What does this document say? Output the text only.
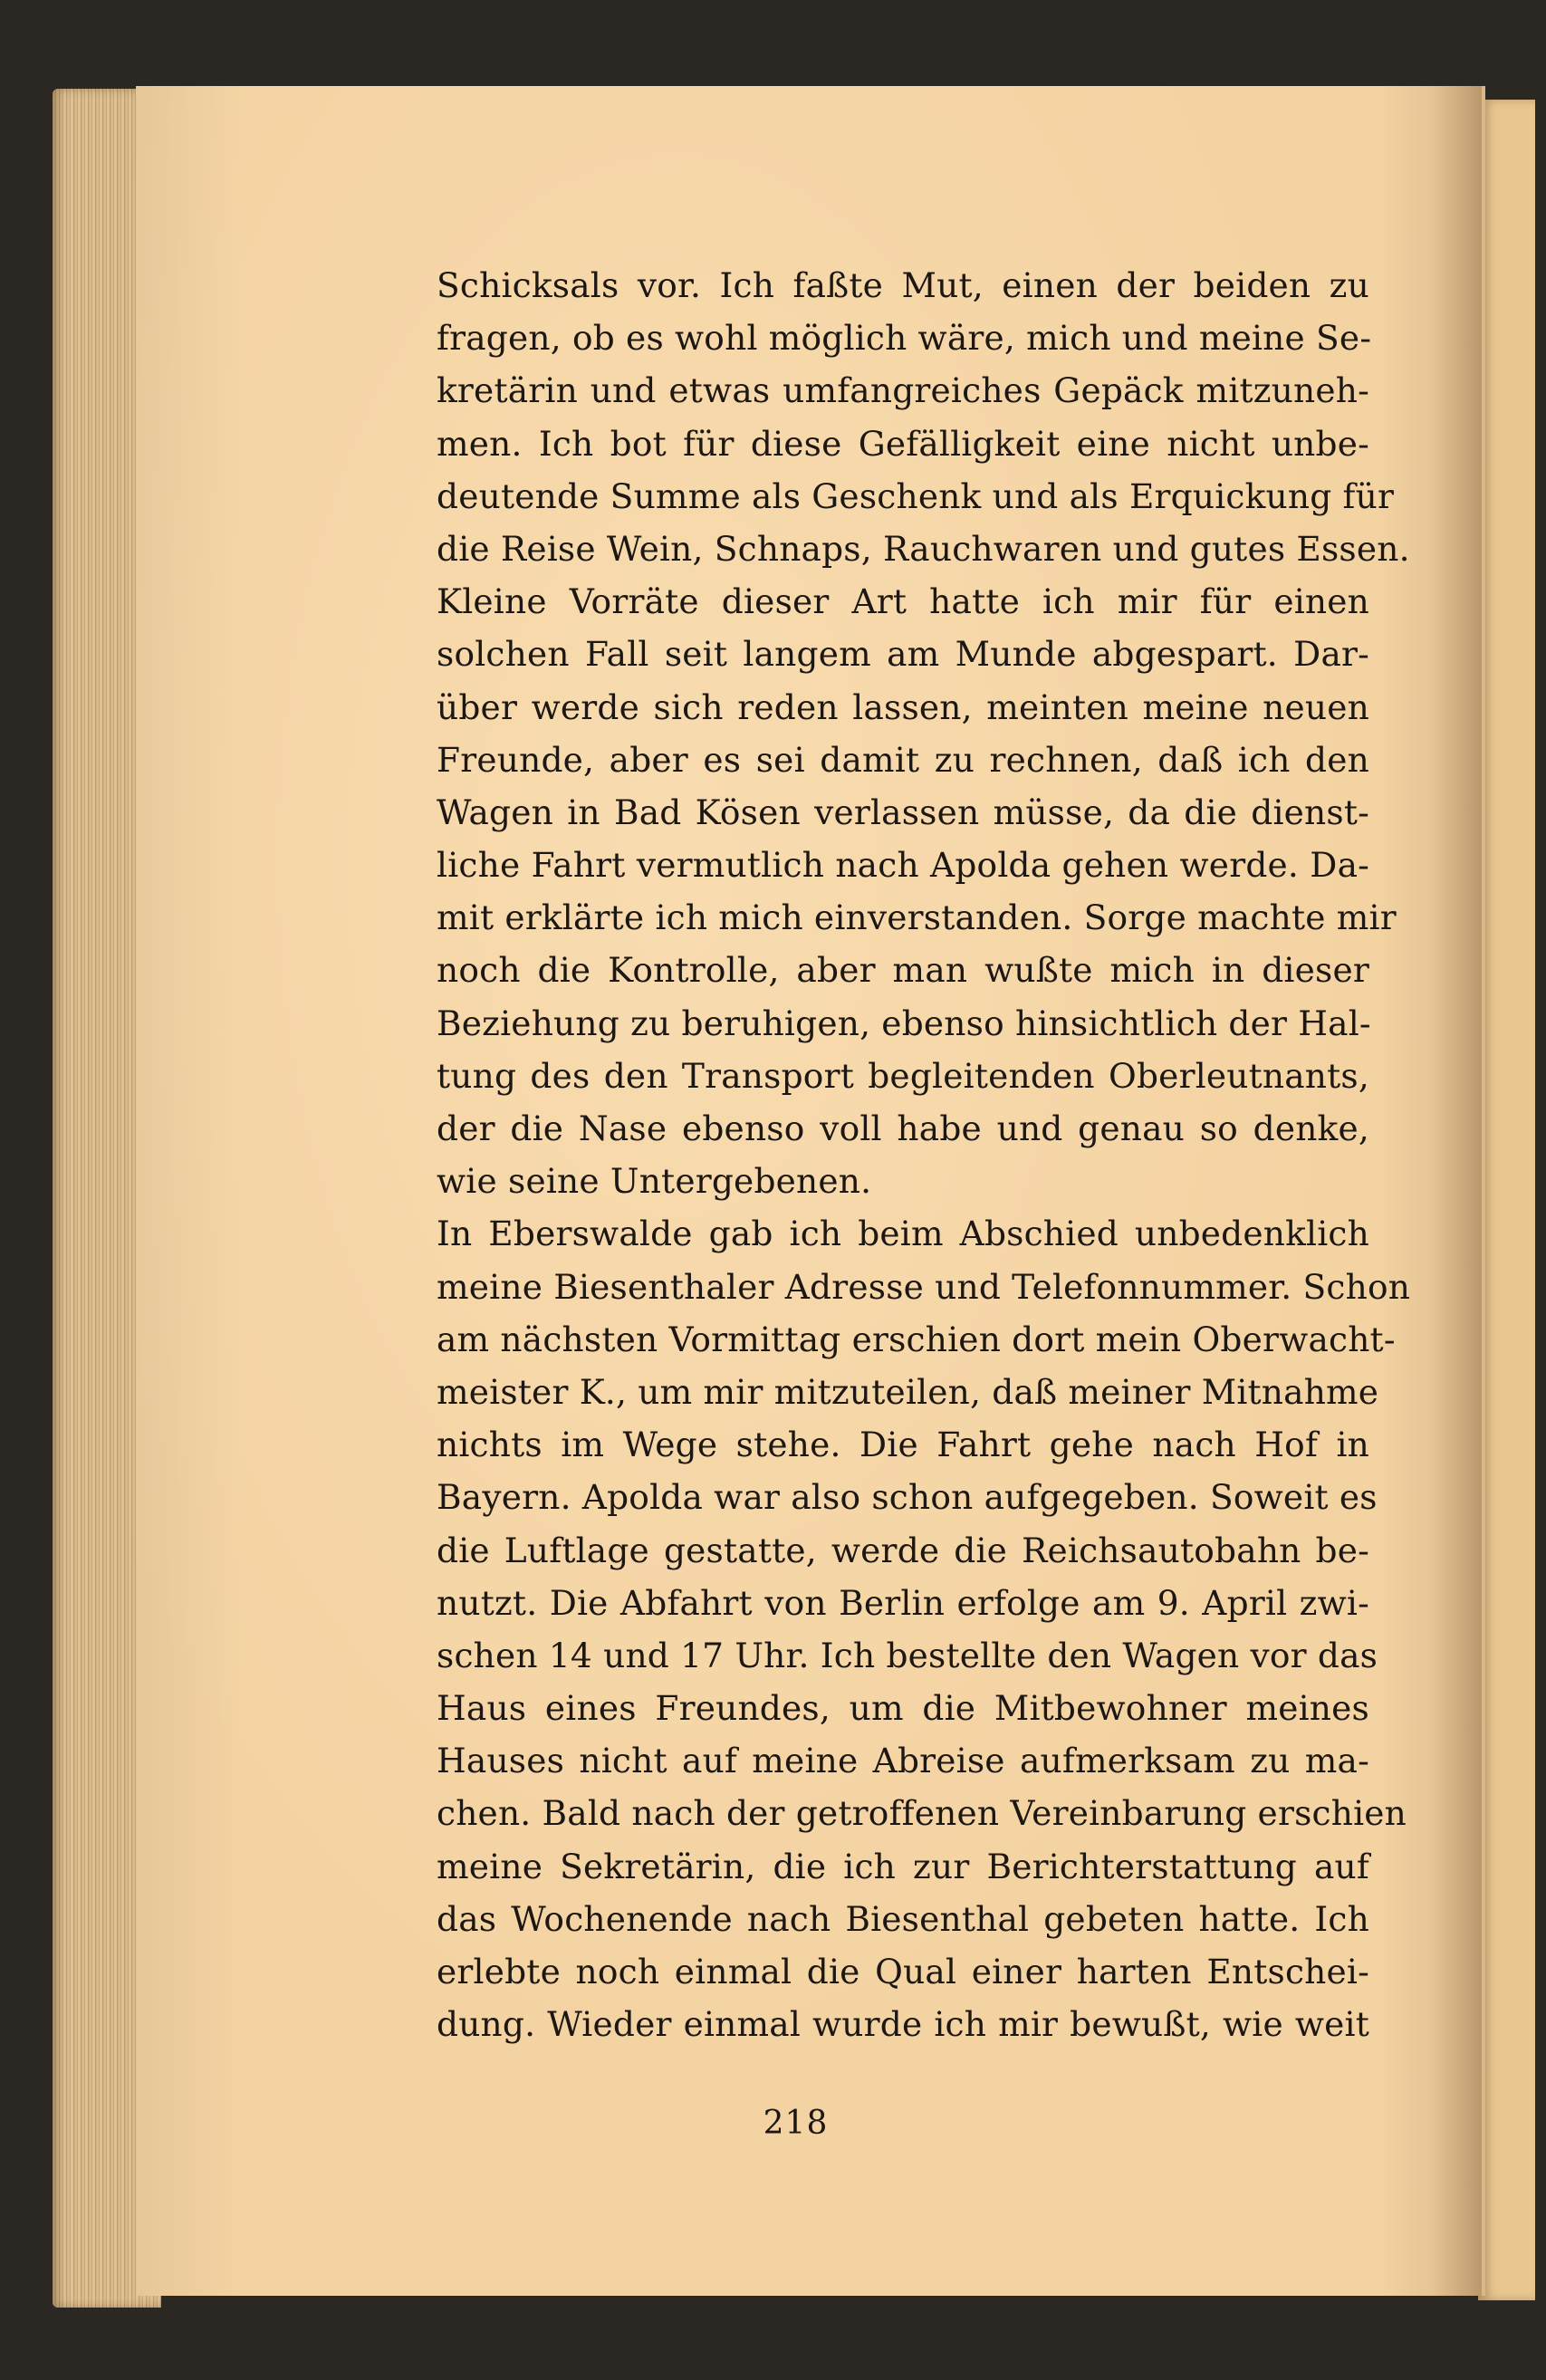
Schicksals vor. Ich faßte Mut, einen der beiden zu
fragen, ob es wohl möglich wäre, mich und meine Se-
kretärin und etwas umfangreiches Gepäck mitzuneh-
men. Ich bot für diese Gefälligkeit eine nicht unbe-
deutende Summe als Geschenk und als Erquickung für
die Reise Wein, Schnaps, Rauchwaren und gutes Essen.
Kleine Vorräte dieser Art hatte ich mir für einen
solchen Fall seit langem am Munde abgespart. Dar-
über werde sich reden lassen, meinten meine neuen
Freunde, aber es sei damit zu rechnen, daß ich den
Wagen in Bad Kösen verlassen müsse, da die dienst-
liche Fahrt vermutlich nach Apolda gehen werde. Da-
mit erklärte ich mich einverstanden. Sorge machte mir
noch die Kontrolle, aber man wußte mich in dieser
Beziehung zu beruhigen, ebenso hinsichtlich der Hal-
tung des den Transport begleitenden Oberleutnants,
der die Nase ebenso voll habe und genau so denke,
wie seine Untergebenen.
In Eberswalde gab ich beim Abschied unbedenklich
meine Biesenthaler Adresse und Telefonnummer. Schon
am nächsten Vormittag erschien dort mein Oberwacht-
meister K., um mir mitzuteilen, daß meiner Mitnahme
nichts im Wege stehe. Die Fahrt gehe nach Hof in
Bayern. Apolda war also schon aufgegeben. Soweit es
die Luftlage gestatte, werde die Reichsautobahn be-
nutzt. Die Abfahrt von Berlin erfolge am 9. April zwi-
schen 14 und 17 Uhr. Ich bestellte den Wagen vor das
Haus eines Freundes, um die Mitbewohner meines
Hauses nicht auf meine Abreise aufmerksam zu ma-
chen. Bald nach der getroffenen Vereinbarung erschien
meine Sekretärin, die ich zur Berichterstattung auf
das Wochenende nach Biesenthal gebeten hatte. Ich
erlebte noch einmal die Qual einer harten Entschei-
dung. Wieder einmal wurde ich mir bewußt, wie weit
218
